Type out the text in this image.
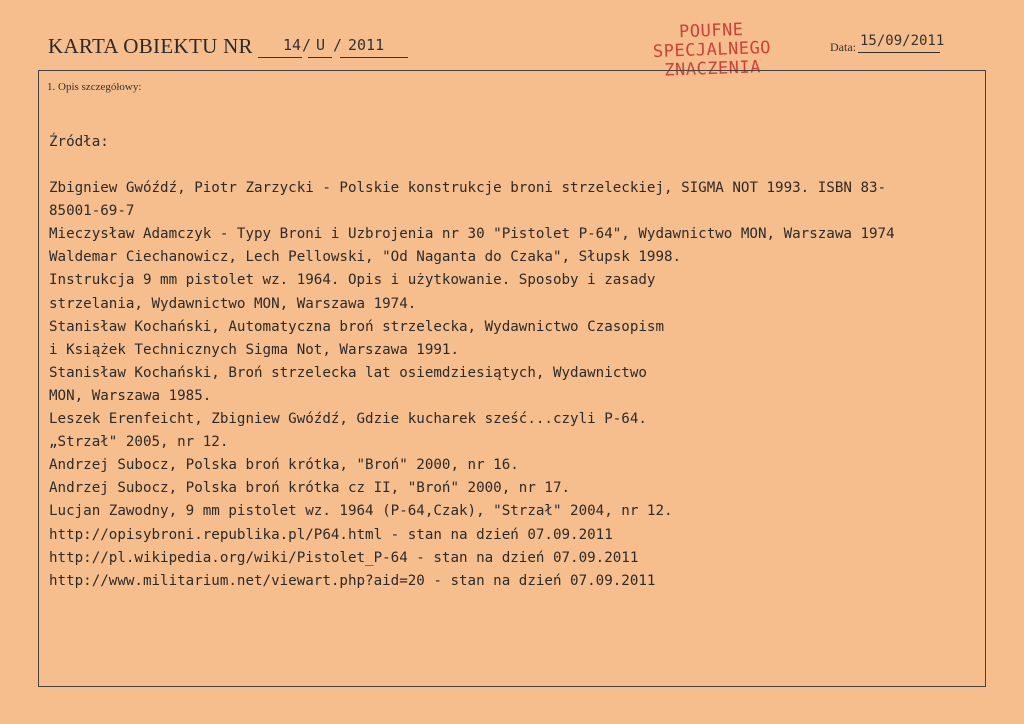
KARTA OBIEKTU NR 14 / U / 2011
POUFNE
SPECJALNEGO
ZNACZENIA
Data: 15/09/2011
1. Opis szczegółowy:
Źródła:
Zbigniew Gwóźdź, Piotr Zarzycki - Polskie konstrukcje broni strzeleckiej, SIGMA NOT 1993. ISBN 83-
85001-69-7
Mieczysław Adamczyk - Typy Broni i Uzbrojenia nr 30 "Pistolet P-64", Wydawnictwo MON, Warszawa 1974
Waldemar Ciechanowicz, Lech Pellowski, "Od Naganta do Czaka", Słupsk 1998.
Instrukcja 9 mm pistolet wz. 1964. Opis i użytkowanie. Sposoby i zasady
strzelania, Wydawnictwo MON, Warszawa 1974.
Stanisław Kochański, Automatyczna broń strzelecka, Wydawnictwo Czasopism
i Książek Technicznych Sigma Not, Warszawa 1991.
Stanisław Kochański, Broń strzelecka lat osiemdziesiątych, Wydawnictwo
MON, Warszawa 1985.
Leszek Erenfeicht, Zbigniew Gwóźdź, Gdzie kucharek sześć...czyli P-64.
„Strzał" 2005, nr 12.
Andrzej Subocz, Polska broń krótka, "Broń" 2000, nr 16.
Andrzej Subocz, Polska broń krótka cz II, "Broń" 2000, nr 17.
Lucjan Zawodny, 9 mm pistolet wz. 1964 (P-64,Czak), "Strzał" 2004, nr 12.
http://opisybroni.republika.pl/P64.html - stan na dzień 07.09.2011
http://pl.wikipedia.org/wiki/Pistolet_P-64 - stan na dzień 07.09.2011
http://www.militarium.net/viewart.php?aid=20 - stan na dzień 07.09.2011
